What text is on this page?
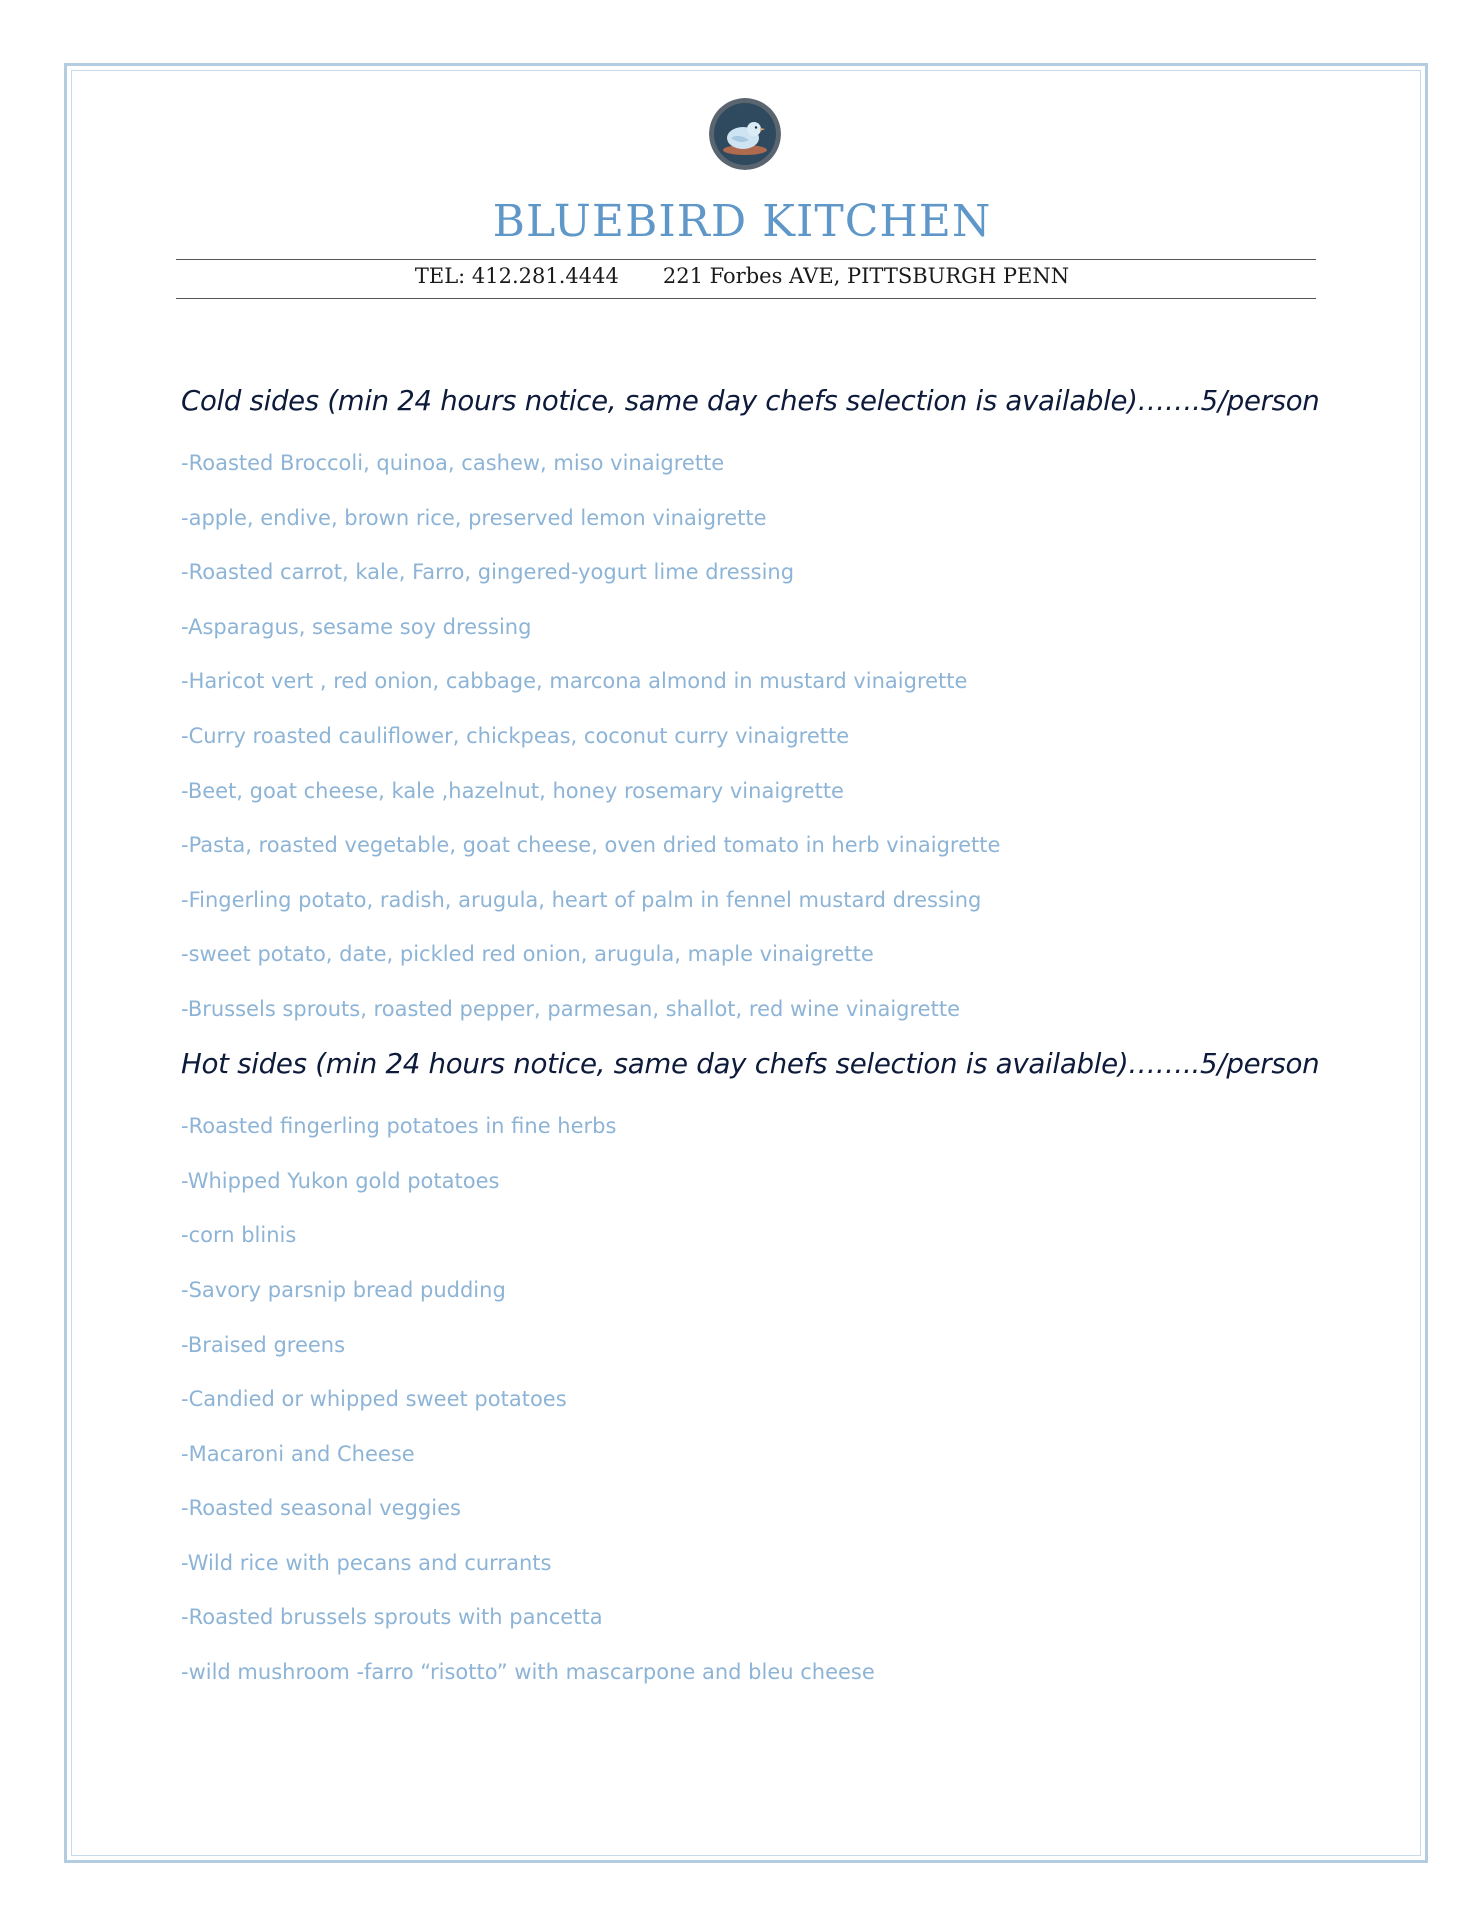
BLUEBIRD KITCHEN
TEL: 412.281.4444 221 Forbes AVE, PITTSBURGH PENN
Cold sides (min 24 hours notice, same day chefs selection is available)…….5/person
-Roasted Broccoli, quinoa, cashew, miso vinaigrette
-apple, endive, brown rice, preserved lemon vinaigrette
-Roasted carrot, kale, Farro, gingered-yogurt lime dressing
-Asparagus, sesame soy dressing
-Haricot vert , red onion, cabbage, marcona almond in mustard vinaigrette
-Curry roasted cauliflower, chickpeas, coconut curry vinaigrette
-Beet, goat cheese, kale ,hazelnut, honey rosemary vinaigrette
-Pasta, roasted vegetable, goat cheese, oven dried tomato in herb vinaigrette
-Fingerling potato, radish, arugula, heart of palm in fennel mustard dressing
-sweet potato, date, pickled red onion, arugula, maple vinaigrette
-Brussels sprouts, roasted pepper, parmesan, shallot, red wine vinaigrette
Hot sides (min 24 hours notice, same day chefs selection is available)……..5/person
-Roasted fingerling potatoes in fine herbs
-Whipped Yukon gold potatoes
-corn blinis
-Savory parsnip bread pudding
-Braised greens
-Candied or whipped sweet potatoes
-Macaroni and Cheese
-Roasted seasonal veggies
-Wild rice with pecans and currants
-Roasted brussels sprouts with pancetta
-wild mushroom -farro “risotto” with mascarpone and bleu cheese
